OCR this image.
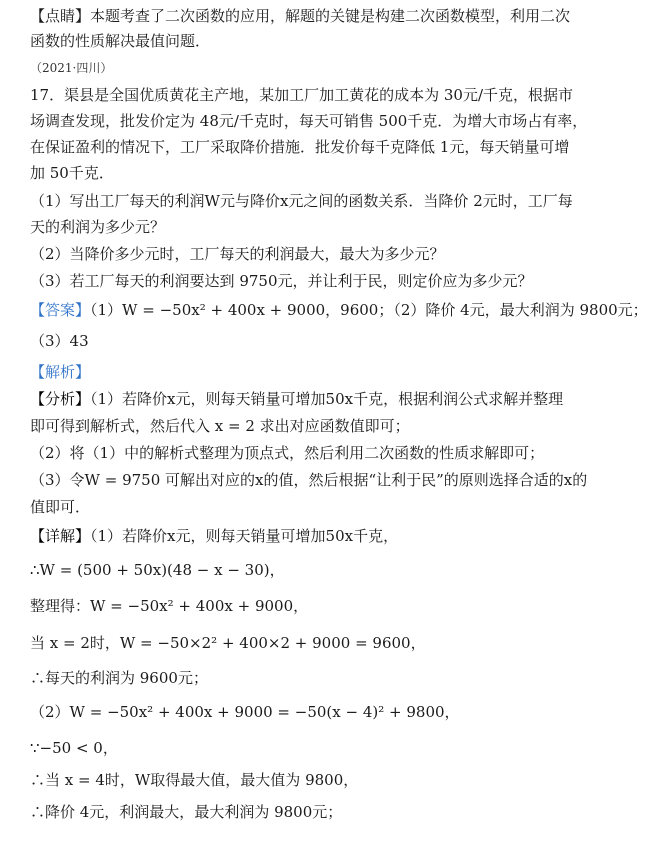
【点睛】本题考查了二次函数的应用，解题的关键是构建二次函数模型，利用二次
函数的性质解决最值问题．
（2021·四川）
17．渠县是全国优质黄花主产地，某加工厂加工黄花的成本为 30元/千克，根据市
场调查发现，批发价定为 48元/千克时，每天可销售 500千克．为增大市场占有率，
在保证盈利的情况下，工厂采取降价措施．批发价每千克降低 1元，每天销量可增
加 50千克．
（1）写出工厂每天的利润W元与降价x元之间的函数关系．当降价 2元时，工厂每
天的利润为多少元？
（2）当降价多少元时，工厂每天的利润最大，最大为多少元？
（3）若工厂每天的利润要达到 9750元，并让利于民，则定价应为多少元？
【答案】（1）W = −50x² + 400x + 9000，9600；（2）降价 4元，最大利润为 9800元；
（3）43
【解析】
【分析】（1）若降价x元，则每天销量可增加50x千克，根据利润公式求解并整理
即可得到解析式，然后代入 x = 2 求出对应函数值即可；
（2）将（1）中的解析式整理为顶点式，然后利用二次函数的性质求解即可；
（3）令W = 9750 可解出对应的x的值，然后根据“让利于民”的原则选择合适的x的
值即可．
【详解】（1）若降价x元，则每天销量可增加50x千克，
∴W = (500 + 50x)(48 − x − 30)，
整理得：W = −50x² + 400x + 9000，
当 x = 2时，W = −50×2² + 400×2 + 9000 = 9600，
∴每天的利润为 9600元；
（2）W = −50x² + 400x + 9000 = −50(x − 4)² + 9800，
∵−50 < 0，
∴当 x = 4时，W取得最大值，最大值为 9800，
∴降价 4元，利润最大，最大利润为 9800元；
